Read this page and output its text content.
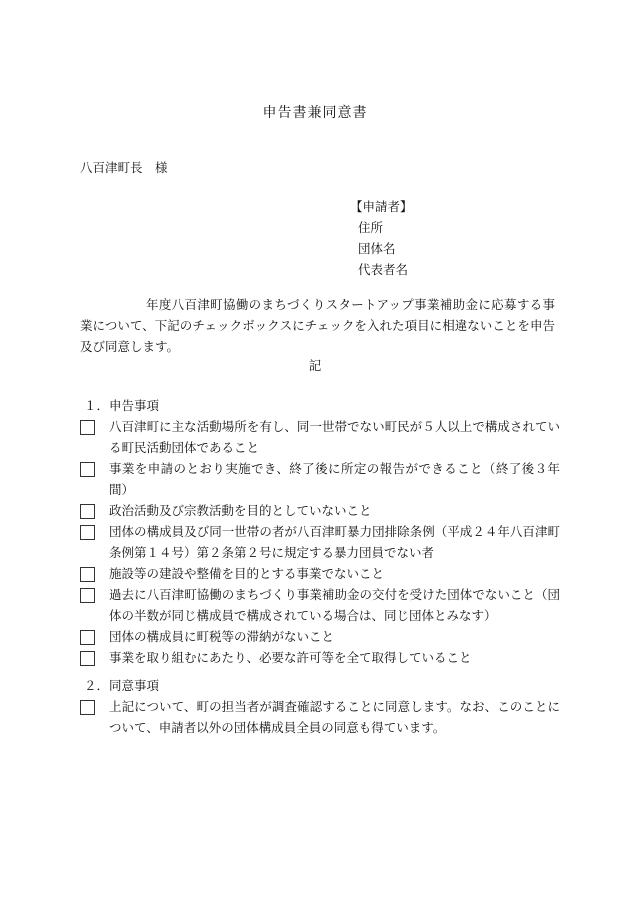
申告書兼同意書
八百津町長　様
【申請者】
住所
団体名
代表者名
年度八百津町協働のまちづくりスタートアップ事業補助金に応募する事業について、下記のチェックボックスにチェックを入れた項目に相違ないことを申告及び同意します。
記
１．申告事項
八百津町に主な活動場所を有し、同一世帯でない町民が５人以上で構成されている町民活動団体であること
事業を申請のとおり実施でき、終了後に所定の報告ができること（終了後３年間）
政治活動及び宗教活動を目的としていないこと
団体の構成員及び同一世帯の者が八百津町暴力団排除条例（平成２４年八百津町条例第１４号）第２条第２号に規定する暴力団員でない者
施設等の建設や整備を目的とする事業でないこと
過去に八百津町協働のまちづくり事業補助金の交付を受けた団体でないこと（団体の半数が同じ構成員で構成されている場合は、同じ団体とみなす）
団体の構成員に町税等の滞納がないこと
事業を取り組むにあたり、必要な許可等を全て取得していること
２．同意事項
上記について、町の担当者が調査確認することに同意します。なお、このことについて、申請者以外の団体構成員全員の同意も得ています。
